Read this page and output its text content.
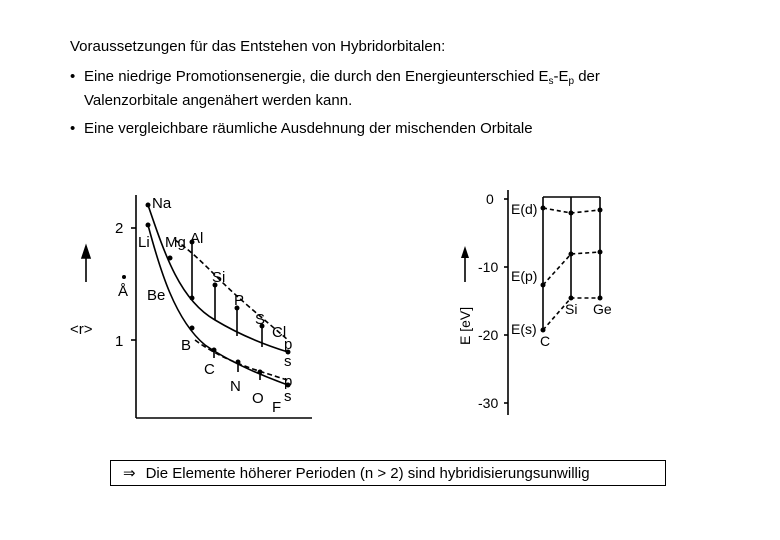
Voraussetzungen für das Entstehen von Hybridorbitalen:
• Eine niedrige Promotionsenergie, die durch den Energieunterschied $E_s-E_p$ der
Valenzorbitale angenähert werden kann.
• Eine vergleichbare räumliche Ausdehnung der mischenden Orbitale
2
1
Å
<r>
Na
Li Mg Al
Be
Si
P
S
Cl
B
C
N
O
F
p
s
p
s
0
-10
-20
-30
E [eV]
E(d)
E(p)
E(s)
C
Si Ge
⇒ Die Elemente höherer Perioden (n > 2) sind hybridisierungsunwillig
